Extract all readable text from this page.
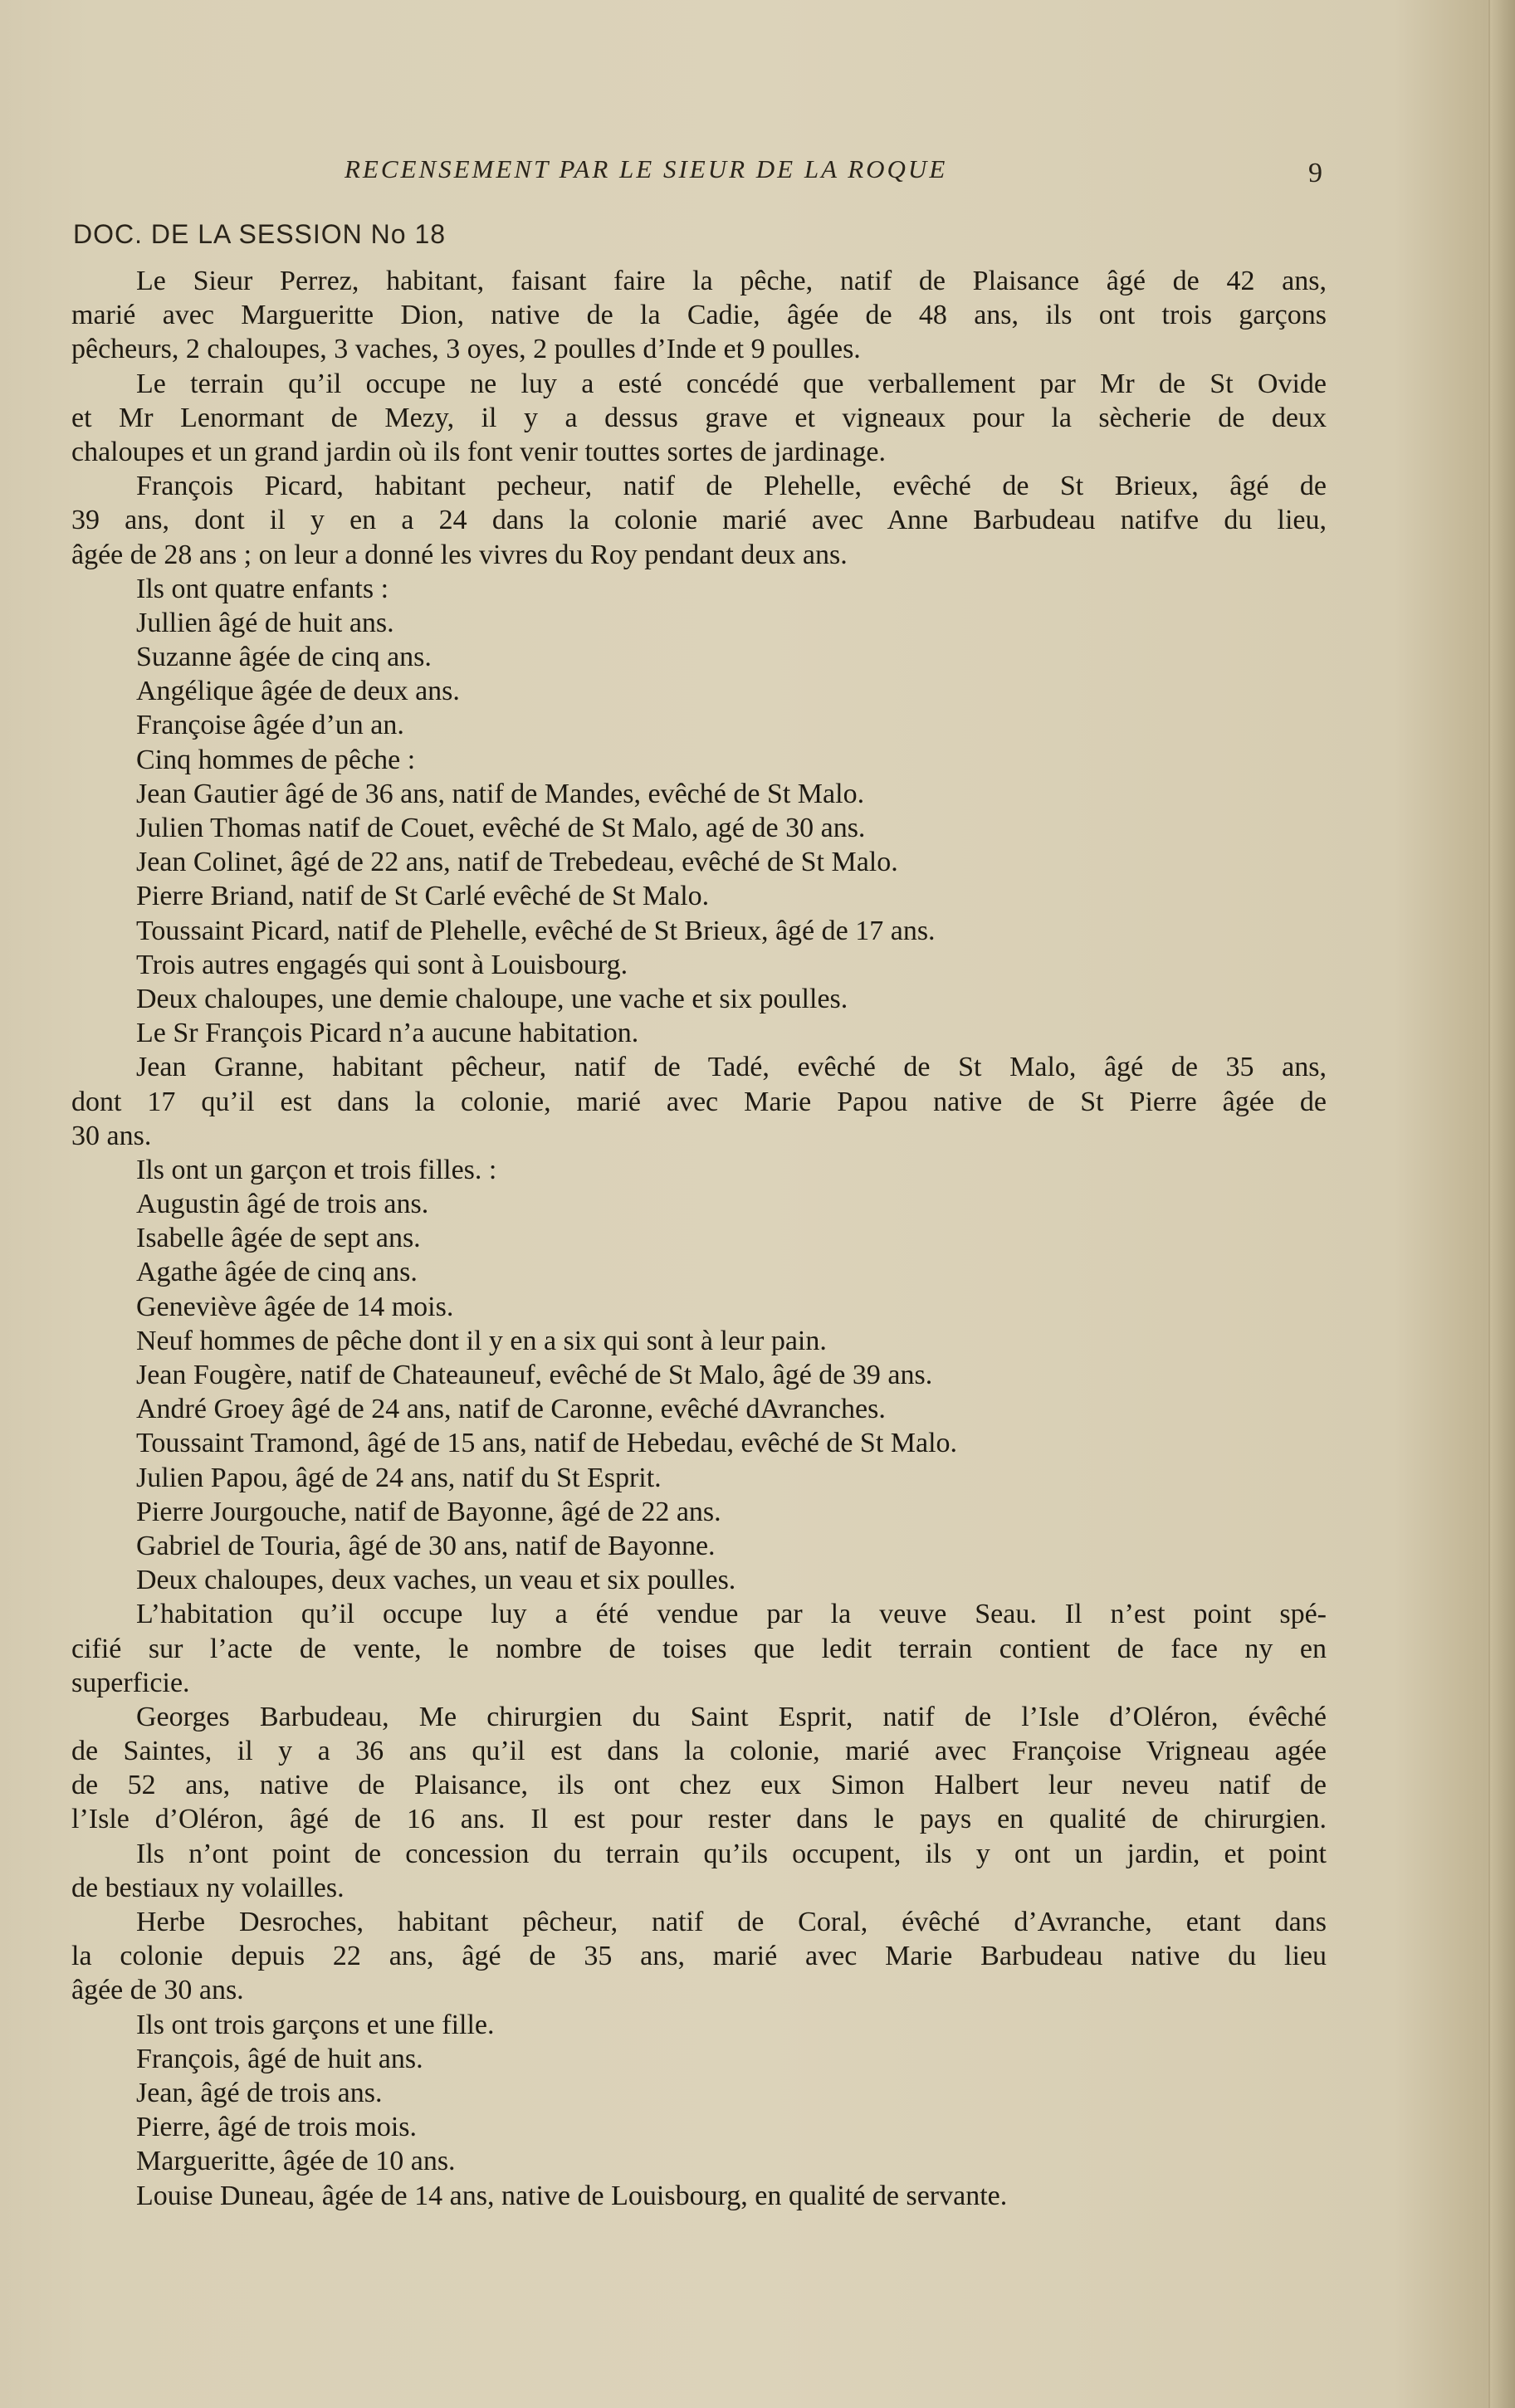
RECENSEMENT PAR LE SIEUR DE LA ROQUE	9
DOC. DE LA SESSION No 18
Le Sieur Perrez, habitant, faisant faire la pêche, natif de Plaisance âgé de 42 ans,
marié avec Margueritte Dion, native de la Cadie, âgée de 48 ans, ils ont trois garçons
pêcheurs, 2 chaloupes, 3 vaches, 3 oyes, 2 poulles d’Inde et 9 poulles.
Le terrain qu’il occupe ne luy a esté concédé que verballement par Mr de St Ovide
et Mr Lenormant de Mezy, il y a dessus grave et vigneaux pour la sècherie de deux
chaloupes et un grand jardin où ils font venir touttes sortes de jardinage.
François Picard, habitant pecheur, natif de Plehelle, evêché de St Brieux, âgé de
39 ans, dont il y en a 24 dans la colonie marié avec Anne Barbudeau natifve du lieu,
âgée de 28 ans ; on leur a donné les vivres du Roy pendant deux ans.
Ils ont quatre enfants :
Jullien âgé de huit ans.
Suzanne âgée de cinq ans.
Angélique âgée de deux ans.
Françoise âgée d’un an.
Cinq hommes de pêche :
Jean Gautier âgé de 36 ans, natif de Mandes, evêché de St Malo.
Julien Thomas natif de Couet, evêché de St Malo, agé de 30 ans.
Jean Colinet, âgé de 22 ans, natif de Trebedeau, evêché de St Malo.
Pierre Briand, natif de St Carlé evêché de St Malo.
Toussaint Picard, natif de Plehelle, evêché de St Brieux, âgé de 17 ans.
Trois autres engagés qui sont à Louisbourg.
Deux chaloupes, une demie chaloupe, une vache et six poulles.
Le Sr François Picard n’a aucune habitation.
Jean Granne, habitant pêcheur, natif de Tadé, evêché de St Malo, âgé de 35 ans,
dont 17 qu’il est dans la colonie, marié avec Marie Papou native de St Pierre âgée de
30 ans.
Ils ont un garçon et trois filles. :
Augustin âgé de trois ans.
Isabelle âgée de sept ans.
Agathe âgée de cinq ans.
Geneviève âgée de 14 mois.
Neuf hommes de pêche dont il y en a six qui sont à leur pain.
Jean Fougère, natif de Chateauneuf, evêché de St Malo, âgé de 39 ans.
André Groey âgé de 24 ans, natif de Caronne, evêché dAvranches.
Toussaint Tramond, âgé de 15 ans, natif de Hebedau, evêché de St Malo.
Julien Papou, âgé de 24 ans, natif du St Esprit.
Pierre Jourgouche, natif de Bayonne, âgé de 22 ans.
Gabriel de Touria, âgé de 30 ans, natif de Bayonne.
Deux chaloupes, deux vaches, un veau et six poulles.
L’habitation qu’il occupe luy a été vendue par la veuve Seau. Il n’est point spé-
cifié sur l’acte de vente, le nombre de toises que ledit terrain contient de face ny en
superficie.
Georges Barbudeau, Me chirurgien du Saint Esprit, natif de l’Isle d’Oléron, évêché
de Saintes, il y a 36 ans qu’il est dans la colonie, marié avec Françoise Vrigneau agée
de 52 ans, native de Plaisance, ils ont chez eux Simon Halbert leur neveu natif de
l’Isle d’Oléron, âgé de 16 ans. Il est pour rester dans le pays en qualité de chirurgien.
Ils n’ont point de concession du terrain qu’ils occupent, ils y ont un jardin, et point
de bestiaux ny volailles.
Herbe Desroches, habitant pêcheur, natif de Coral, évêché d’Avranche, etant dans
la colonie depuis 22 ans, âgé de 35 ans, marié avec Marie Barbudeau native du lieu
âgée de 30 ans.
Ils ont trois garçons et une fille.
François, âgé de huit ans.
Jean, âgé de trois ans.
Pierre, âgé de trois mois.
Margueritte, âgée de 10 ans.
Louise Duneau, âgée de 14 ans, native de Louisbourg, en qualité de servante.
